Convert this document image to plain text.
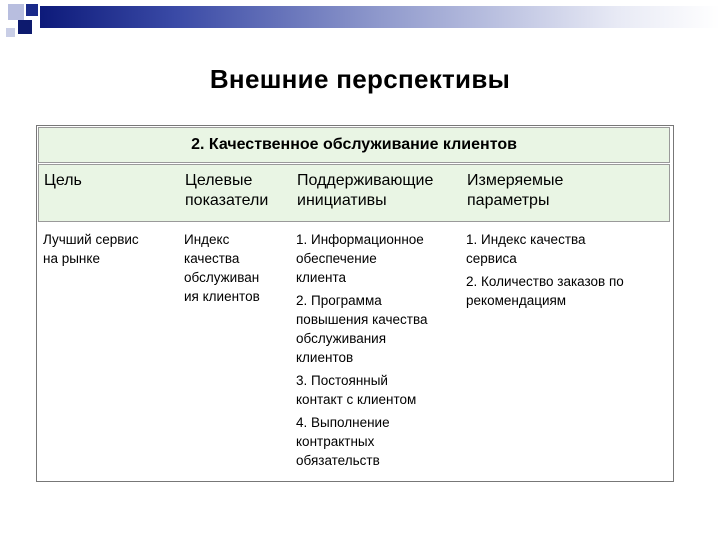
Внешние перспективы
2. Качественное обслуживание клиентов
Цель	Целевые
показатели
Поддерживающие
инициативы
Измеряемые
параметры
Лучший сервис
на рынке
Индекс
качества
обслуживан
ия клиентов
1. Информационное
обеспечение
клиента
2. Программа
повышения качества
обслуживания
клиентов
3. Постоянный
контакт с клиентом
4. Выполнение
контрактных
обязательств
1. Индекс качества
сервиса
2. Количество заказов по
рекомендациям
